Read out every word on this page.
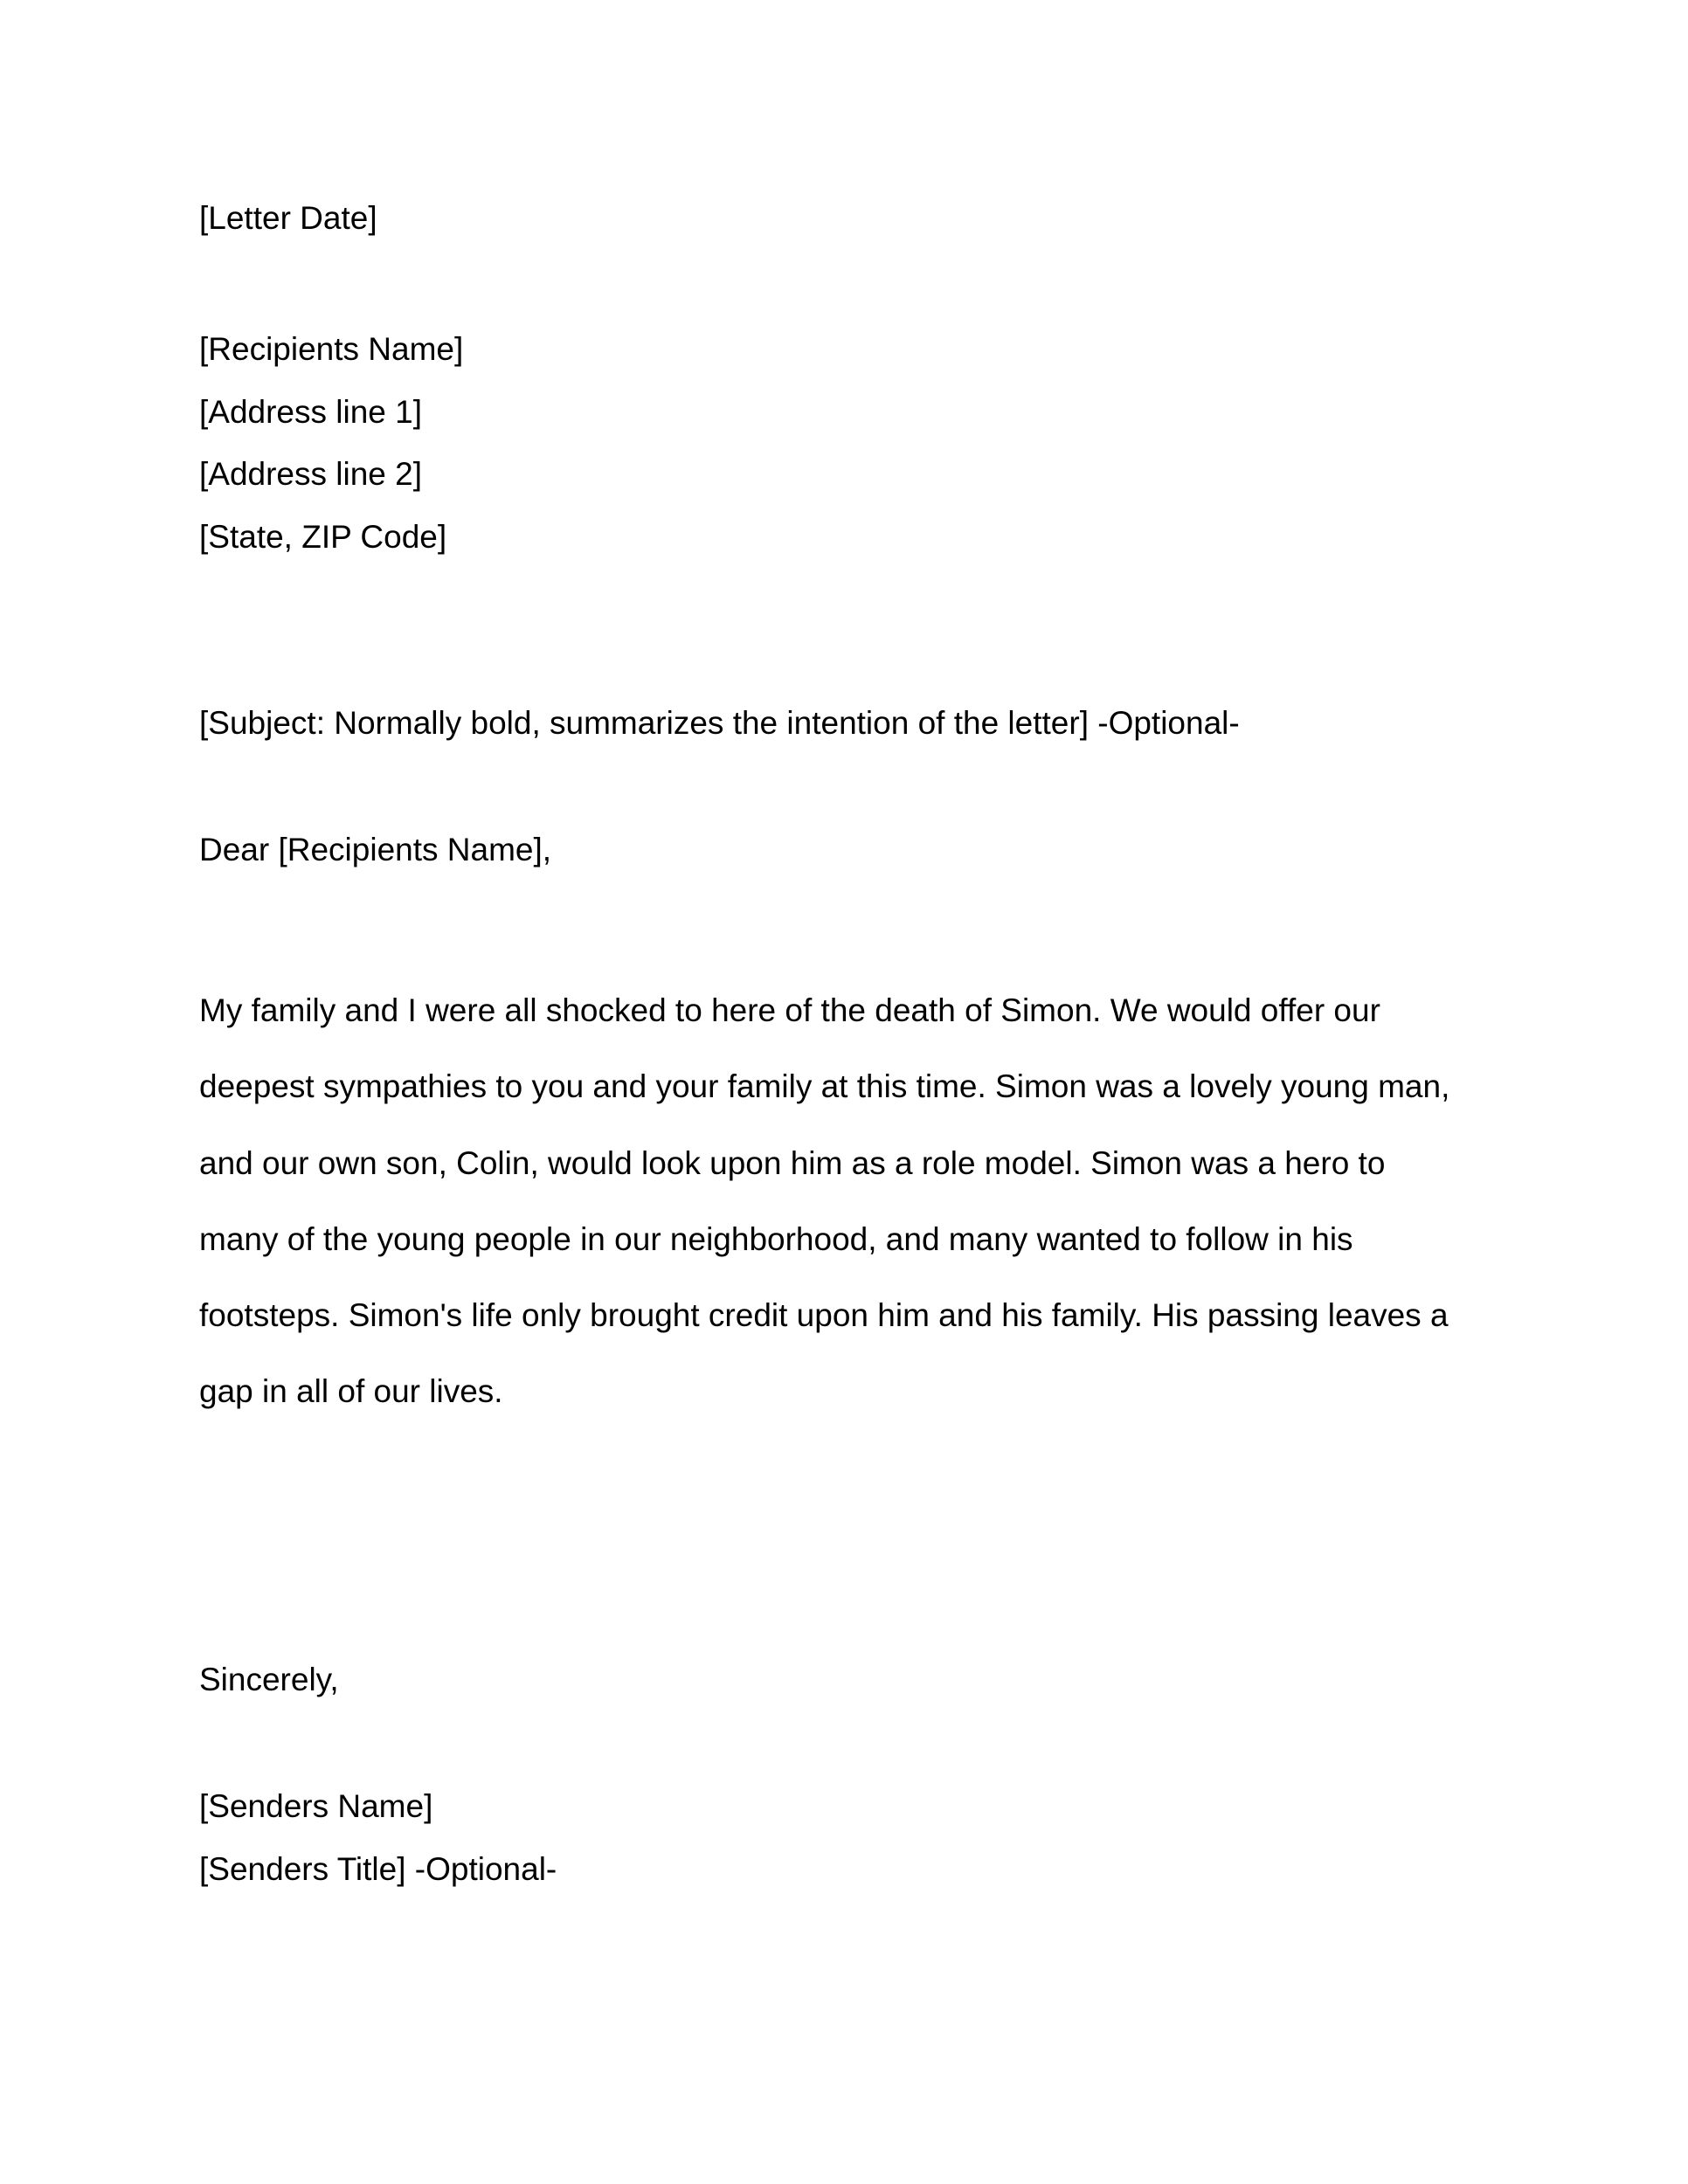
[Letter Date]

[Recipients Name]

[Address line 1]

[Address line 2]

[State, ZIP Code]

[Subject: Normally bold, summarizes the intention of the letter] -Optional-

Dear [Recipients Name],

My family and I were all shocked to here of the death of Simon. We would offer our

deepest sympathies to you and your family at this time. Simon was a lovely young man,

and our own son, Colin, would look upon him as a role model. Simon was a hero to

many of the young people in our neighborhood, and many wanted to follow in his

footsteps. Simon's life only brought credit upon him and his family. His passing leaves a

gap in all of our lives.

Sincerely,

[Senders Name]

[Senders Title] -Optional-
